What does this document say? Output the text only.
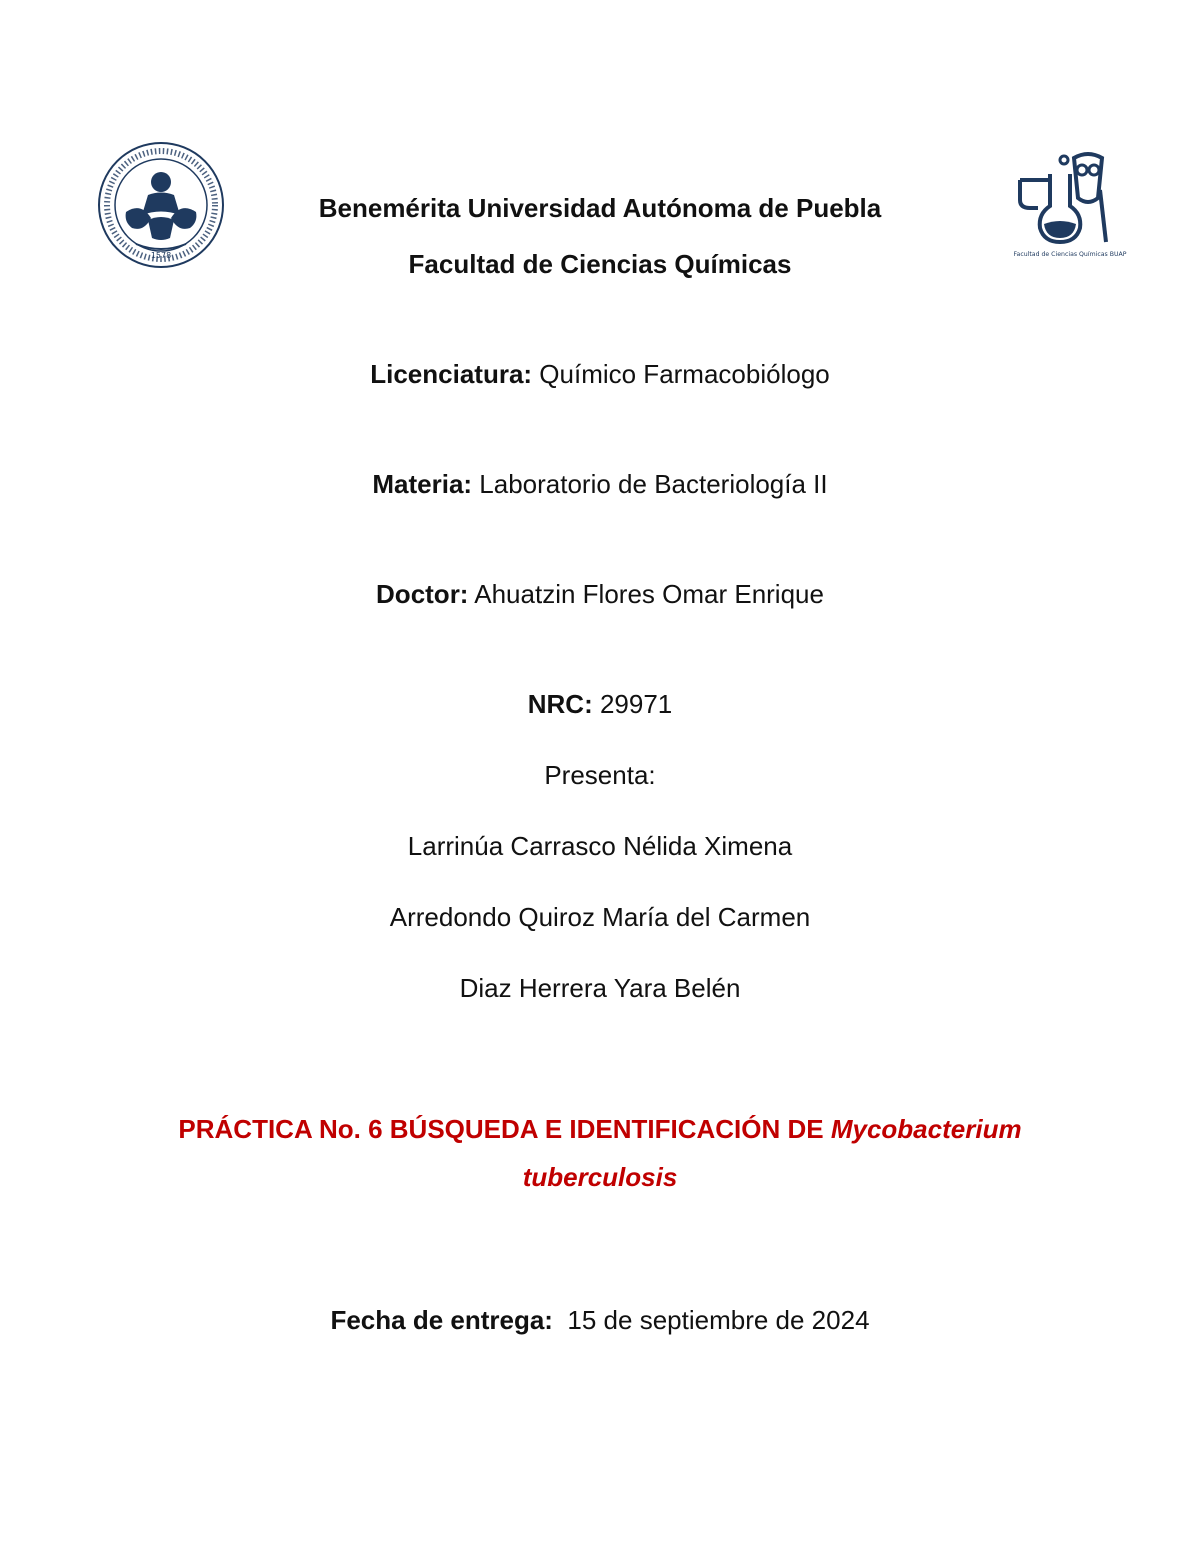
1578	Facultad de Ciencias Químicas BUAP
Benemérita Universidad Autónoma de Puebla
Facultad de Ciencias Químicas
Licenciatura: Químico Farmacobiólogo
Materia: Laboratorio de Bacteriología II
Doctor: Ahuatzin Flores Omar Enrique
NRC: 29971
Presenta:
Larrinúa Carrasco Nélida Ximena
Arredondo Quiroz María del Carmen
Diaz Herrera Yara Belén
PRÁCTICA No. 6 BÚSQUEDA E IDENTIFICACIÓN DE Mycobacterium
tuberculosis
Fecha de entrega:  15 de septiembre de 2024
